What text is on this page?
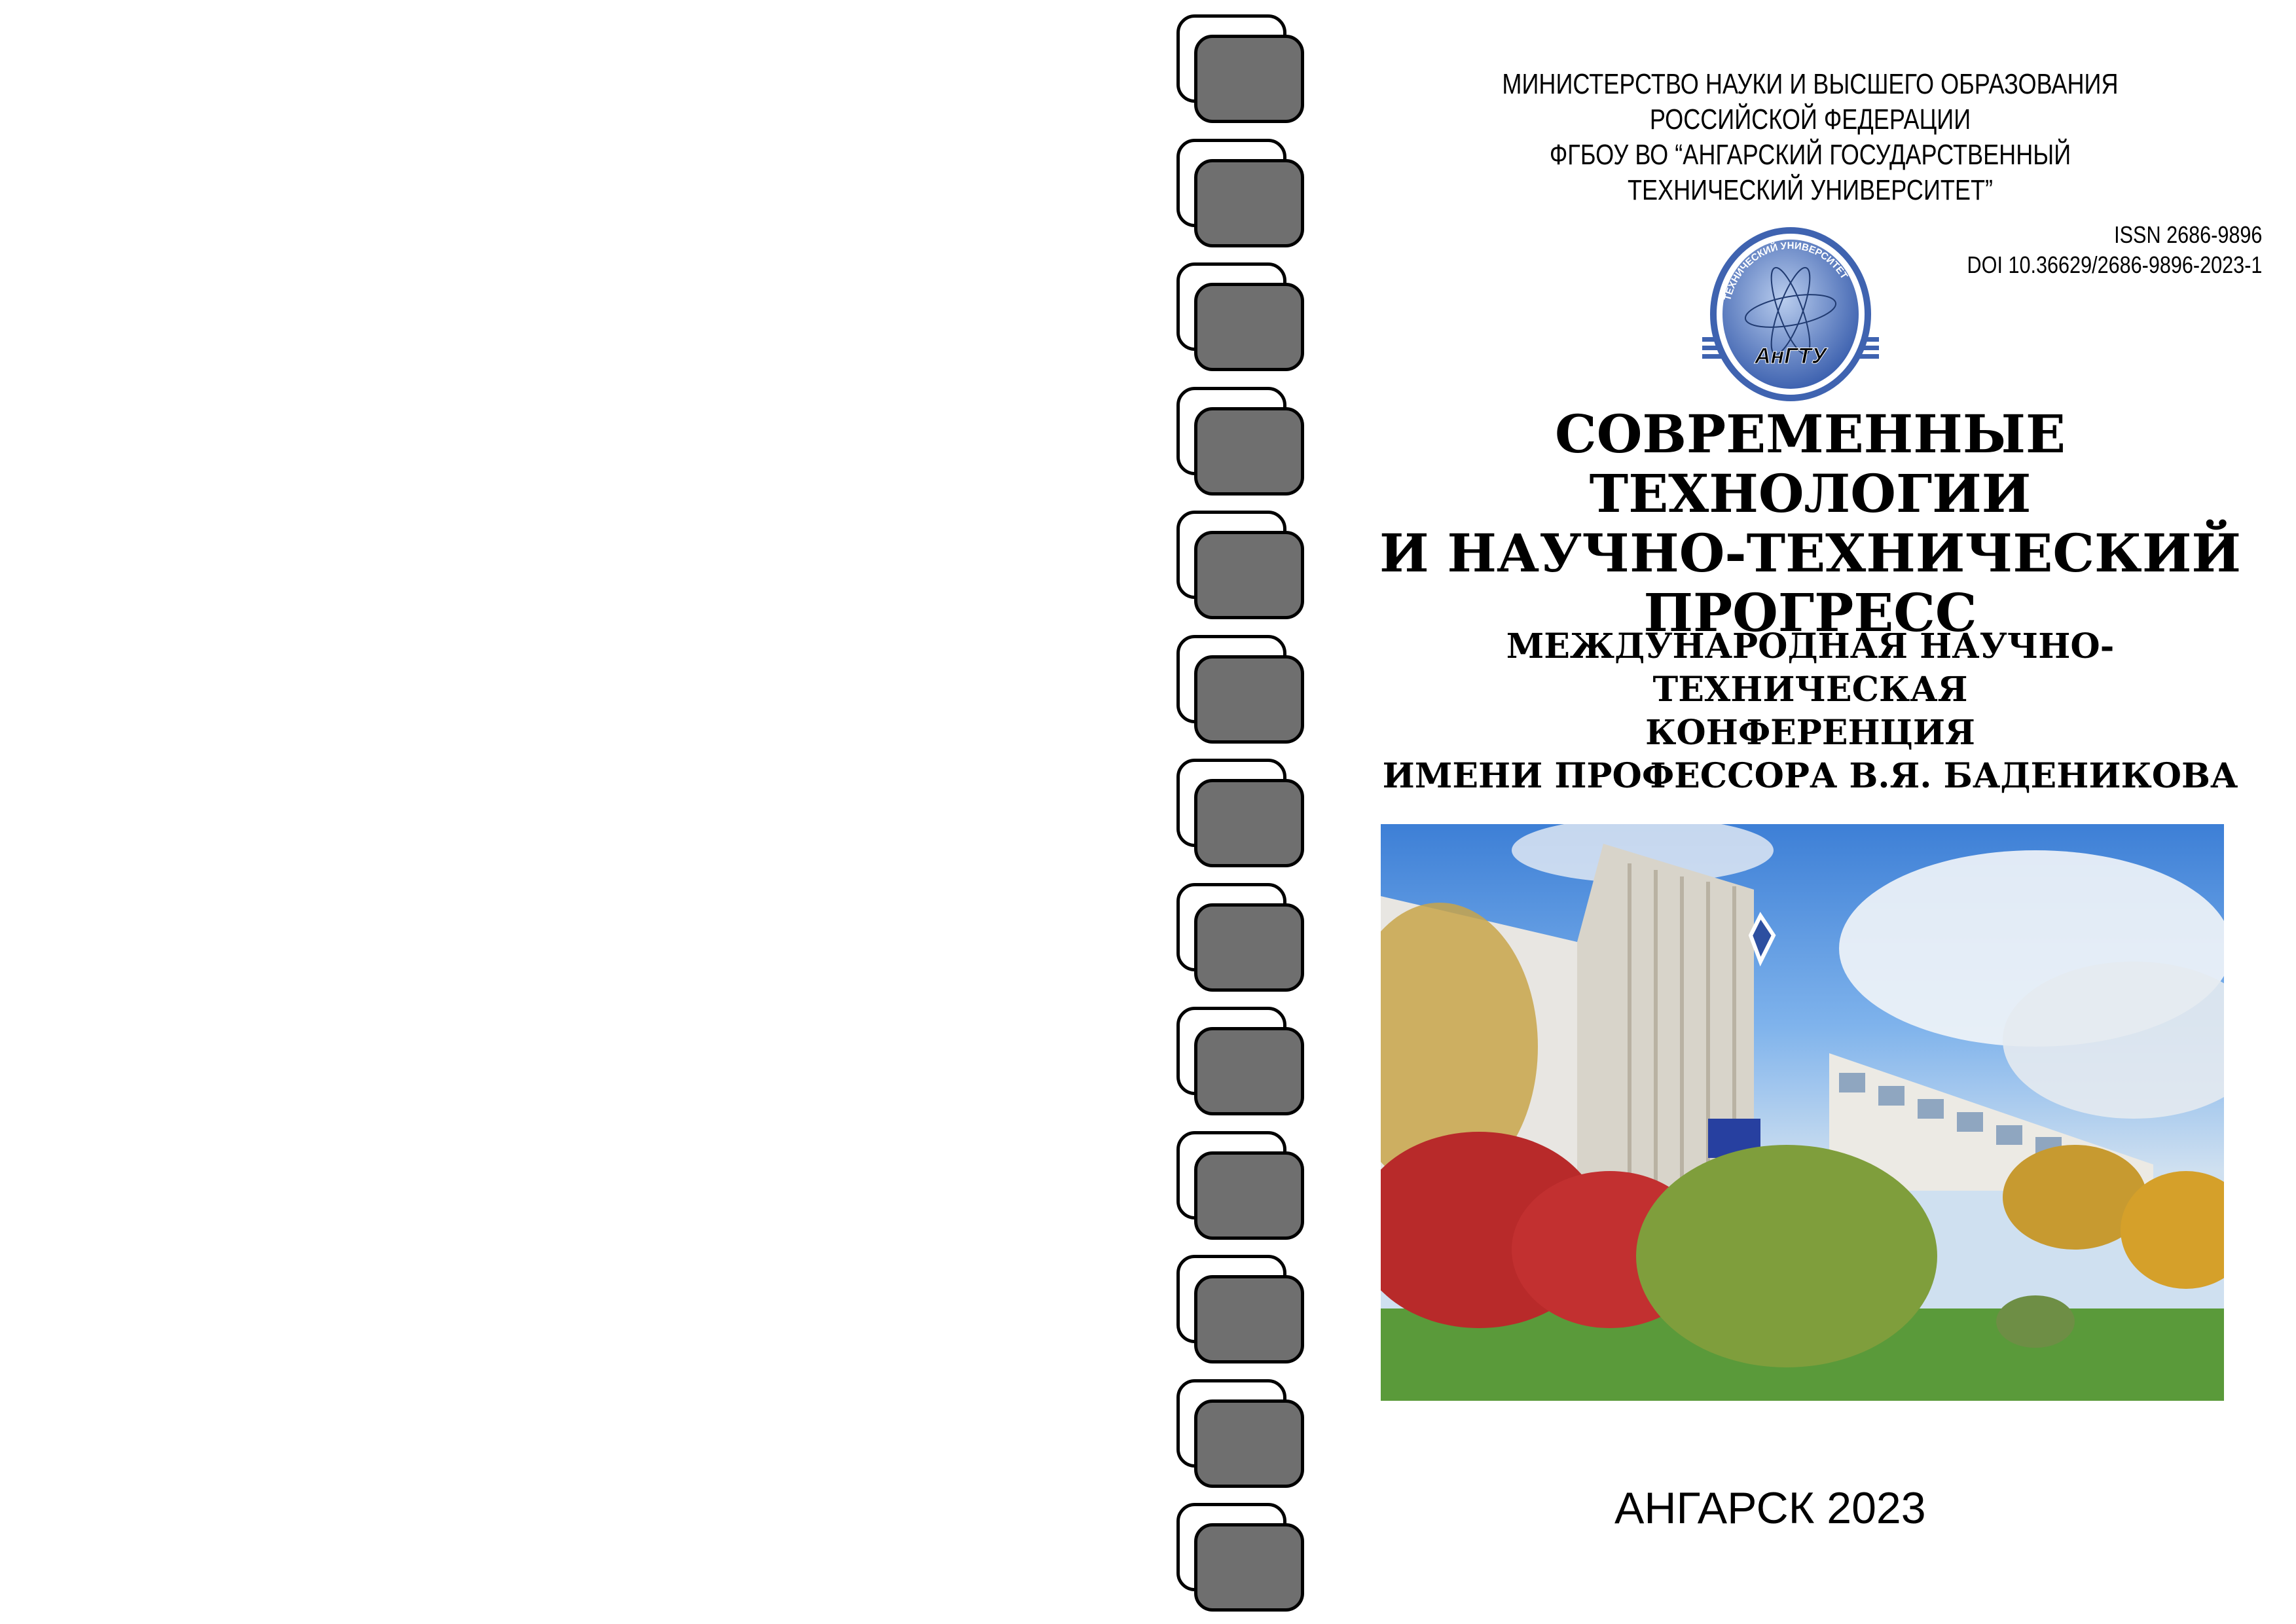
МИНИСТЕРСТВО НАУКИ И ВЫСШЕГО ОБРАЗОВАНИЯ
РОССИЙСКОЙ ФЕДЕРАЦИИ
ФГБОУ ВО “АНГАРСКИЙ ГОСУДАРСТВЕННЫЙ
ТЕХНИЧЕСКИЙ УНИВЕРСИТЕТ”
ISSN 2686-9896
DOI 10.36629/2686-9896-2023-1
ТЕХНИЧЕСКИЙ УНИВЕРСИТЕТ
АнГТУ
СОВРЕМЕННЫЕ ТЕХНОЛОГИИ
И НАУЧНО-ТЕХНИЧЕСКИЙ
ПРОГРЕСС
МЕЖДУНАРОДНАЯ НАУЧНО-ТЕХНИЧЕСКАЯ
КОНФЕРЕНЦИЯ
ИМЕНИ ПРОФЕССОРА В.Я. БАДЕНИКОВА
АНГАРСК 2023
